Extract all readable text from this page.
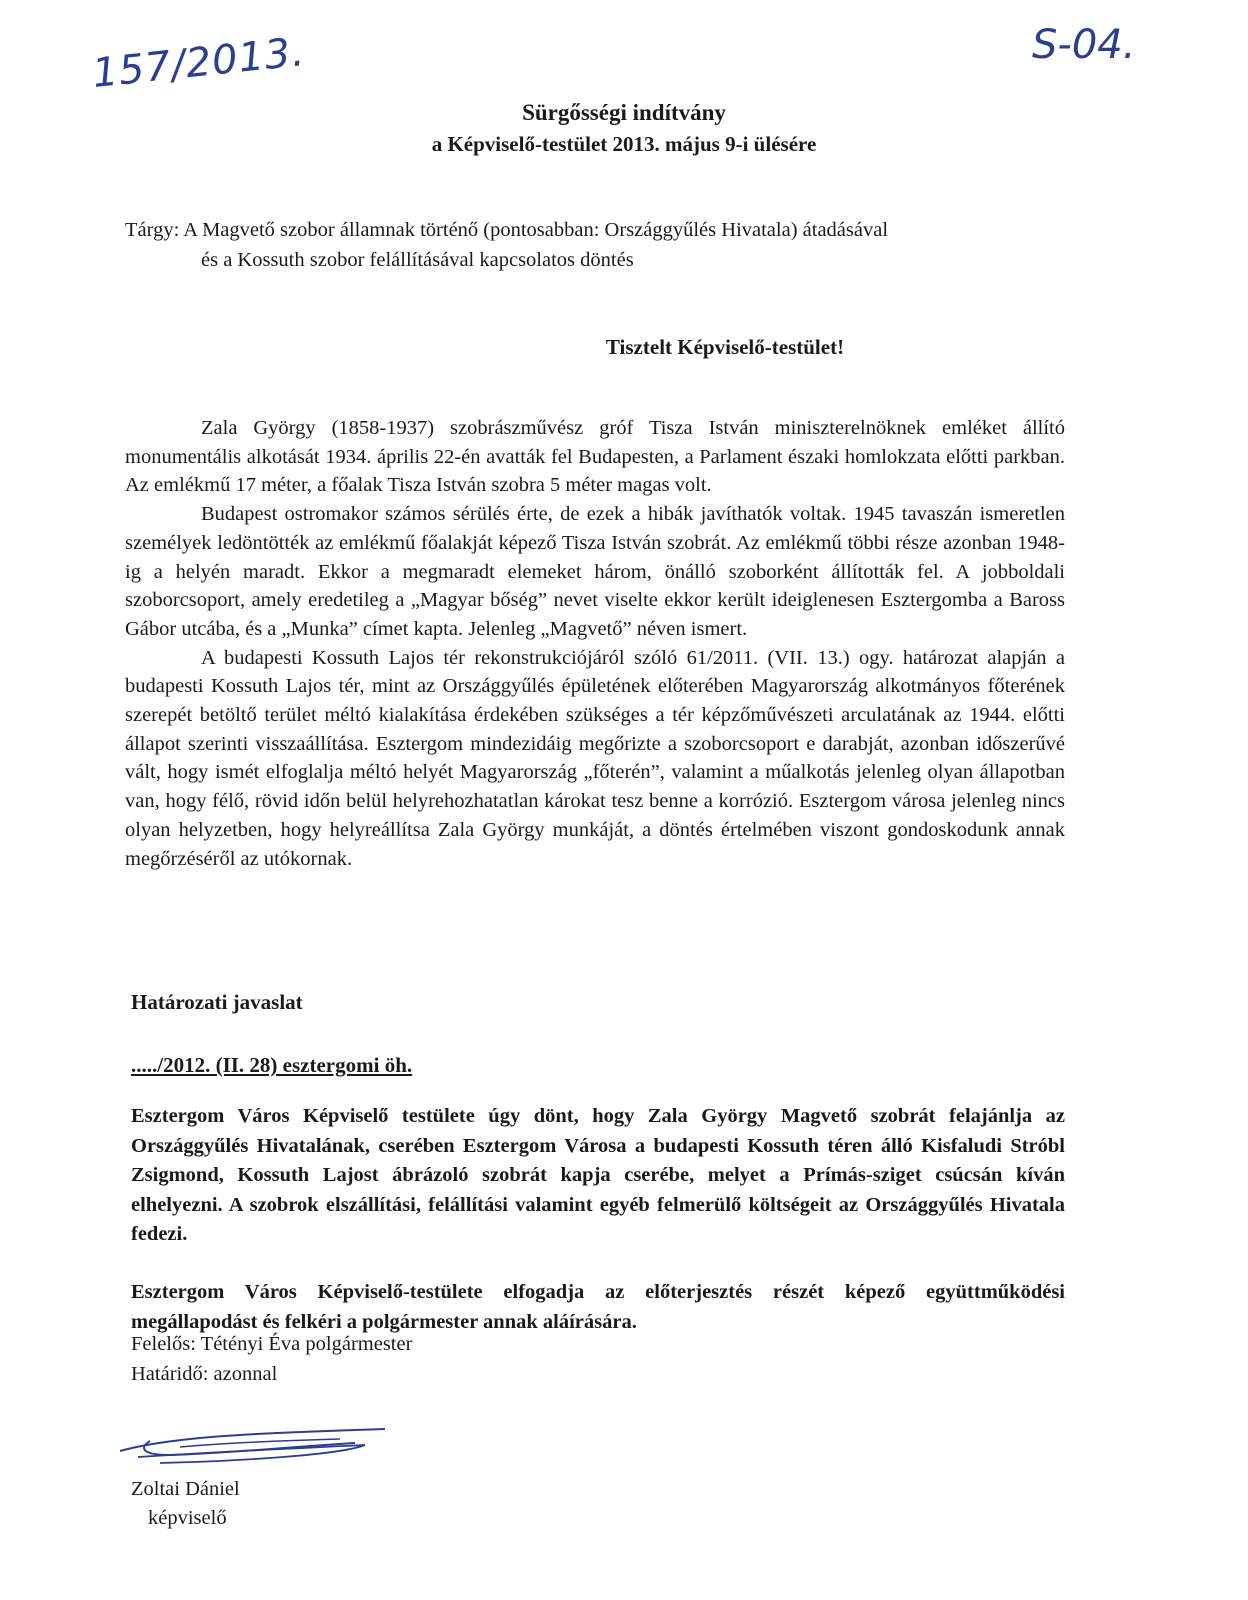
157/2013.	S-04.
Sürgősségi indítvány
a Képviselő-testület 2013. május 9-i ülésére
Tárgy: A Magvető szobor államnak történő (pontosabban: Országgyűlés Hivatala) átadásával
és a Kossuth szobor felállításával kapcsolatos döntés
Tisztelt Képviselő-testület!

Zala György (1858-1937) szobrászművész gróf Tisza István miniszterelnöknek emléket állító monumentális alkotását 1934. április 22-én avatták fel Budapesten, a Parlament északi homlokzata előtti parkban. Az emlékmű 17 méter, a főalak Tisza István szobra 5 méter magas volt.

Budapest ostromakor számos sérülés érte, de ezek a hibák javíthatók voltak. 1945 tavaszán ismeretlen személyek ledöntötték az emlékmű főalakját képező Tisza István szobrát. Az emlékmű többi része azonban 1948-ig a helyén maradt. Ekkor a megmaradt elemeket három, önálló szoborként állították fel. A jobboldali szoborcsoport, amely eredetileg a „Magyar bőség” nevet viselte ekkor került ideiglenesen Esztergomba a Baross Gábor utcába, és a „Munka” címet kapta. Jelenleg „Magvető” néven ismert.

A budapesti Kossuth Lajos tér rekonstrukciójáról szóló 61/2011. (VII. 13.) ogy. határozat alapján a budapesti Kossuth Lajos tér, mint az Országgyűlés épületének előterében Magyarország alkotmányos főterének szerepét betöltő terület méltó kialakítása érdekében szükséges a tér képzőművészeti arculatának az 1944. előtti állapot szerinti visszaállítása. Esztergom mindezidáig megőrizte a szoborcsoport e darabját, azonban időszerűvé vált, hogy ismét elfoglalja méltó helyét Magyarország „főterén”, valamint a műalkotás jelenleg olyan állapotban van, hogy félő, rövid időn belül helyrehozhatatlan károkat tesz benne a korrózió. Esztergom városa jelenleg nincs olyan helyzetben, hogy helyreállítsa Zala György munkáját, a döntés értelmében viszont gondoskodunk annak megőrzéséről az utókornak.

Határozati javaslat
...../2012. (II. 28) esztergomi öh.
Esztergom Város Képviselő testülete úgy dönt, hogy Zala György Magvető szobrát felajánlja az Országgyűlés Hivatalának, cserében Esztergom Városa a budapesti Kossuth téren álló Kisfaludi Stróbl Zsigmond, Kossuth Lajost ábrázoló szobrát kapja cserébe, melyet a Prímás-sziget csúcsán kíván elhelyezni. A szobrok elszállítási, felállítási valamint egyéb felmerülő költségeit az Országgyűlés Hivatala fedezi.
Esztergom Város Képviselő-testülete elfogadja az előterjesztés részét képező együttműködési megállapodást és felkéri a polgármester annak aláírására.
Felelős: Tétényi Éva polgármester
Határidő: azonnal
Zoltai Dániel
képviselő
